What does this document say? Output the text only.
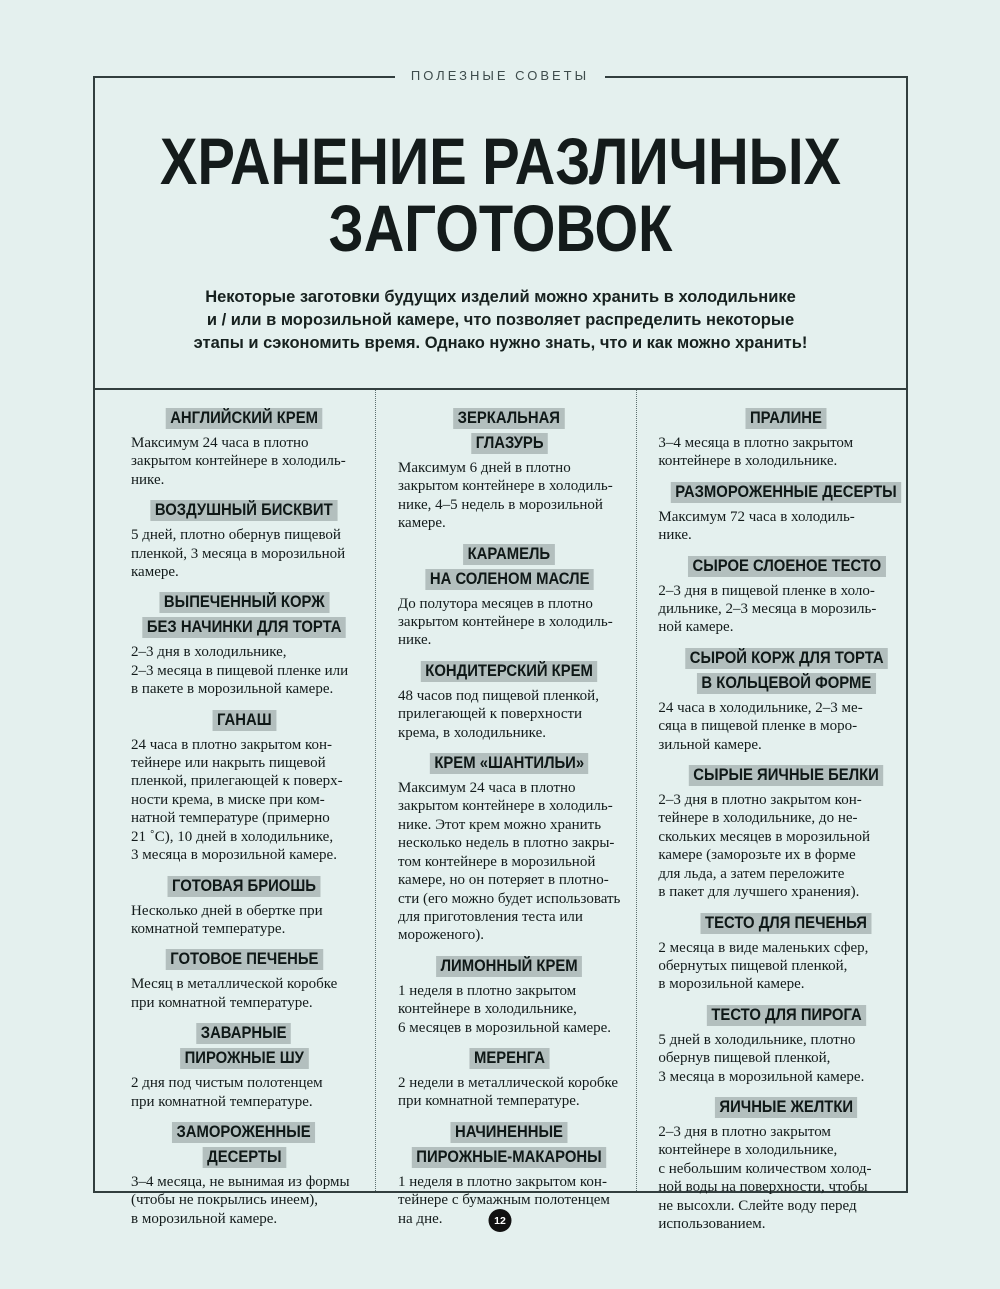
ПОЛЕЗНЫЕ СОВЕТЫ
ХРАНЕНИЕ РАЗЛИЧНЫХ
ЗАГОТОВОК
Некоторые заготовки будущих изделий можно хранить в холодильнике
и / или в морозильной камере, что позволяет распределить некоторые
этапы и сэкономить время. Однако нужно знать, что и как можно хранить!
АНГЛИЙСКИЙ КРЕМ
Максимум 24 часа в плотно
закрытом контейнере в холодиль-
нике.
ВОЗДУШНЫЙ БИСКВИТ
5 дней, плотно обернув пищевой
пленкой, 3 месяца в морозильной
камере.
ВЫПЕЧЕННЫЙ КОРЖ
БЕЗ НАЧИНКИ ДЛЯ ТОРТА
2–3 дня в холодильнике,
2–3 месяца в пищевой пленке или
в пакете в морозильной камере.
ГАНАШ
24 часа в плотно закрытом кон-
тейнере или накрыть пищевой
пленкой, прилегающей к поверх-
ности крема, в миске при ком-
натной температуре (примерно
21 ˚С), 10 дней в холодильнике,
3 месяца в морозильной камере.
ГОТОВАЯ БРИОШЬ
Несколько дней в обертке при
комнатной температуре.
ГОТОВОЕ ПЕЧЕНЬЕ
Месяц в металлической коробке
при комнатной температуре.
ЗАВАРНЫЕ
ПИРОЖНЫЕ ШУ
2 дня под чистым полотенцем
при комнатной температуре.
ЗАМОРОЖЕННЫЕ
ДЕСЕРТЫ
3–4 месяца, не вынимая из формы
(чтобы не покрылись инеем),
в морозильной камере.
ЗЕРКАЛЬНАЯ
ГЛАЗУРЬ
Максимум 6 дней в плотно
закрытом контейнере в холодиль-
нике, 4–5 недель в морозильной
камере.
КАРАМЕЛЬ
НА СОЛЕНОМ МАСЛЕ
До полутора месяцев в плотно
закрытом контейнере в холодиль-
нике.
КОНДИТЕРСКИЙ КРЕМ
48 часов под пищевой пленкой,
прилегающей к поверхности
крема, в холодильнике.
КРЕМ «ШАНТИЛЬИ»
Максимум 24 часа в плотно
закрытом контейнере в холодиль-
нике. Этот крем можно хранить
несколько недель в плотно закры-
том контейнере в морозильной
камере, но он потеряет в плотно-
сти (его можно будет использовать
для приготовления теста или
мороженого).
ЛИМОННЫЙ КРЕМ
1 неделя в плотно закрытом
контейнере в холодильнике,
6 месяцев в морозильной камере.
МЕРЕНГА
2 недели в металлической коробке
при комнатной температуре.
НАЧИНЕННЫЕ
ПИРОЖНЫЕ-МАКАРОНЫ
1 неделя в плотно закрытом кон-
тейнере с бумажным полотенцем
на дне.
ПРАЛИНЕ
3–4 месяца в плотно закрытом
контейнере в холодильнике.
РАЗМОРОЖЕННЫЕ ДЕСЕРТЫ
Максимум 72 часа в холодиль-
нике.
СЫРОЕ СЛОЕНОЕ ТЕСТО
2–3 дня в пищевой пленке в холо-
дильнике, 2–3 месяца в морозиль-
ной камере.
СЫРОЙ КОРЖ ДЛЯ ТОРТА
В КОЛЬЦЕВОЙ ФОРМЕ
24 часа в холодильнике, 2–3 ме-
сяца в пищевой пленке в моро-
зильной камере.
СЫРЫЕ ЯИЧНЫЕ БЕЛКИ
2–3 дня в плотно закрытом кон-
тейнере в холодильнике, до не-
скольких месяцев в морозильной
камере (заморозьте их в форме
для льда, а затем переложите
в пакет для лучшего хранения).
ТЕСТО ДЛЯ ПЕЧЕНЬЯ
2 месяца в виде маленьких сфер,
обернутых пищевой пленкой,
в морозильной камере.
ТЕСТО ДЛЯ ПИРОГА
5 дней в холодильнике, плотно
обернув пищевой пленкой,
3 месяца в морозильной камере.
ЯИЧНЫЕ ЖЕЛТКИ
2–3 дня в плотно закрытом
контейнере в холодильнике,
с небольшим количеством холод-
ной воды на поверхности, чтобы
не высохли. Слейте воду перед
использованием.
12
